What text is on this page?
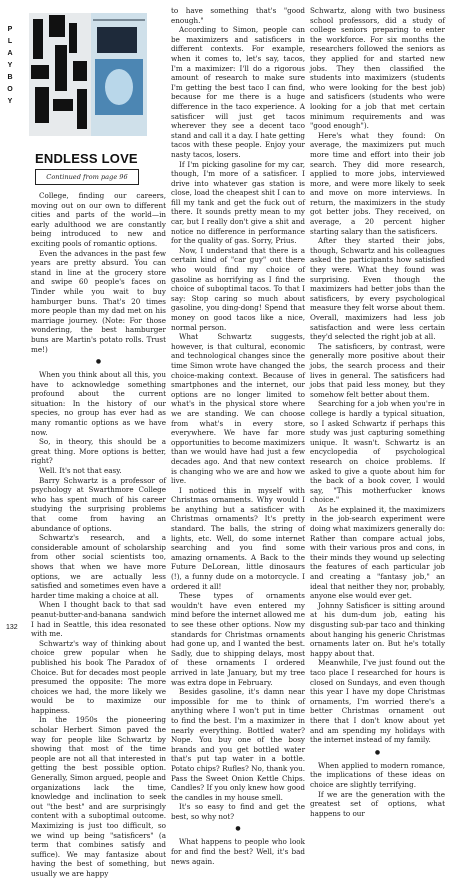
P
L
A
Y
B
O
Y
ENDLESS LOVE
Continued from page 96

College, finding our careers, moving out on our own to different cities and parts of the world—in early adulthood we are constantly being introduced to new and exciting pools of romantic options.

Even the advances in the past few years are pretty absurd. You can stand in line at the grocery store and swipe 60 people's faces on Tinder while you wait to buy hamburger buns. That's 20 times more people than my dad met on his marriage journey. (Note: For those wondering, the best hamburger buns are Martin's potato rolls. Trust me!)

●

When you think about all this, you have to acknowledge something profound about the current situation: In the history of our species, no group has ever had as many romantic options as we have now.

So, in theory, this should be a great thing. More options is better, right?

Well. It's not that easy.

Barry Schwartz is a professor of psychology at Swarthmore College who has spent much of his career studying the surprising problems that come from having an abundance of options.

Schwartz's research, and a considerable amount of scholarship from other social scientists too, shows that when we have more options, we are actually less satisfied and sometimes even have a harder time making a choice at all.

When I thought back to that sad peanut-butter-and-banana sandwich I had in Seattle, this idea resonated with me.

Schwartz's way of thinking about choice grew popular when he published his book The Paradox of Choice. But for decades most people presumed the opposite: The more choices we had, the more likely we would be to maximize our happiness.

In the 1950s the pioneering scholar Herbert Simon paved the way for people like Schwartz by showing that most of the time people are not all that interested in getting the best possible option. Generally, Simon argued, people and organizations lack the time, knowledge and inclination to seek out "the best" and are surprisingly content with a suboptimal outcome. Maximizing is just too difficult, so we wind up being "satisficers" (a term that combines satisfy and suffice). We may fantasize about having the best of something, but usually we are happy

to have something that's "good enough."

According to Simon, people can be maximizers and satisficers in different contexts. For example, when it comes to, let's say, tacos, I'm a maximizer: I'll do a rigorous amount of research to make sure I'm getting the best taco I can find, because for me there is a huge difference in the taco experience. A satisficer will just get tacos wherever they see a decent taco stand and call it a day. I hate getting tacos with these people. Enjoy your nasty tacos, losers.

If I'm picking gasoline for my car, though, I'm more of a satisficer. I drive into whatever gas station is close, load the cheapest shit I can to fill my tank and get the fuck out of there. It sounds pretty mean to my car, but I really don't give a shit and notice no difference in performance for the quality of gas. Sorry, Prius.

Now, I understand that there is a certain kind of "car guy" out there who would find my choice of gasoline as horrifying as I find the choice of suboptimal tacos. To that I say: Stop caring so much about gasoline, you ding-dong! Spend that money on good tacos like a nice, normal person.

What Schwartz suggests, however, is that cultural, economic and technological changes since the time Simon wrote have changed the choice-making context. Because of smartphones and the internet, our options are no longer limited to what's in the physical store where we are standing. We can choose from what's in every store, everywhere. We have far more opportunities to become maximizers than we would have had just a few decades ago. And that new context is changing who we are and how we live.

I noticed this in myself with Christmas ornaments. Why would I be anything but a satisficer with Christmas ornaments? It's pretty standard. The balls, the string of lights, etc. Well, do some internet searching and you find some amazing ornaments. A Back to the Future DeLorean, little dinosaurs (!), a funny dude on a motorcycle. I ordered it all!

These types of ornaments wouldn't have even entered my mind before the internet allowed me to see these other options. Now my standards for Christmas ornaments had gone up, and I wanted the best. Sadly, due to shipping delays, most of these ornaments I ordered arrived in late January, but my tree was extra dope in February.

Besides gasoline, it's damn near impossible for me to think of anything where I won't put in time to find the best. I'm a maximizer in nearly everything. Bottled water? Nope. You buy one of the bosy brands and you get bottled water that's put tap water in a bottle. Potato chips? Rufles? No, thank you. Pass the Sweet Onion Kettle Chips. Candles? If you only knew how good the candles in my house smell.

It's so easy to find and get the best, so why not?

●

What happens to people who look for and find the best? Well, it's bad news again.

Schwartz, along with two business school professors, did a study of college seniors preparing to enter the workforce. For six months the researchers followed the seniors as they applied for and started new jobs. They then classified the students into maximizers (students who were looking for the best job) and satisficers (students who were looking for a job that met certain minimum requirements and was "good enough").

Here's what they found: On average, the maximizers put much more time and effort into their job search. They did more research, applied to more jobs, interviewed more, and were more likely to seek and move on more interviews. In return, the maximizers in the study got better jobs. They received, on average, a 20 percent higher starting salary than the satisficers.

After they started their jobs, though, Schwartz and his colleagues asked the participants how satisfied they were. What they found was surprising. Even though the maximizers had better jobs than the satisficers, by every psychological measure they felt worse about them. Overall, maximizers had less job satisfaction and were less certain they'd selected the right job at all.

The satisficers, by contrast, were generally more positive about their jobs, the search process and their lives in general. The satisficers had jobs that paid less money, but they somehow felt better about them.

Searching for a job when you're in college is hardly a typical situation, so I asked Schwartz if perhaps this study was just capturing something unique. It wasn't. Schwartz is an encyclopedia of psychological research on choice problems. If asked to give a quote about him for the back of a book cover, I would say, "This motherfucker knows choice."

As he explained it, the maximizers in the job-search experiment were doing what maximizers generally do: Rather than compare actual jobs, with their various pros and cons, in their minds they wound up selecting the features of each particular job and creating a "fantasy job," an ideal that neither they nor, probably, anyone else would ever get.

Johnny Satisficer is sitting around at his dum-dum job, eating his disgusting sub-par taco and thinking about hanging his generic Christmas ornaments later on. But he's totally happy about that.

Meanwhile, I've just found out the taco place I researched for hours is closed on Sundays, and even though this year I have my dope Christmas ornaments, I'm worried there's a better Christmas ornament out there that I don't know about yet and am spending my holidays with the internet instead of my family.

●

When applied to modern romance, the implications of these ideas on choice are slightly terrifying.

If we are the generation with the greatest set of options, what happens to our

132
